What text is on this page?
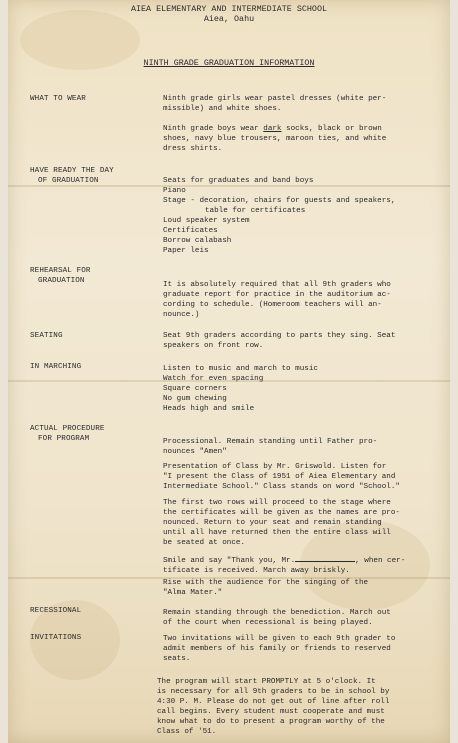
AIEA ELEMENTARY AND INTERMEDIATE SCHOOL
Aiea, Oahu
NINTH GRADE GRADUATION INFORMATION
WHAT TO WEAR	Ninth grade girls wear pastel dresses (white per-
missible) and white shoes.
Ninth grade boys wear dark socks, black or brown
shoes, navy blue trousers, maroon ties, and white
dress shirts.
HAVE READY THE DAY
OF GRADUATION	Seats for graduates and band boys
Piano
Stage - decoration, chairs for guests and speakers,
table for certificates
Loud speaker system
Certificates
Borrow calabash
Paper leis
REHEARSAL FOR
GRADUATION	It is absolutely required that all 9th graders who
graduate report for practice in the auditorium ac-
cording to schedule. (Homeroom teachers will an-
nounce.)
SEATING	Seat 9th graders according to parts they sing. Seat
speakers on front row.
IN MARCHING	Listen to music and march to music
Watch for even spacing
Square corners
No gum chewing
Heads high and smile
ACTUAL PROCEDURE
FOR PROGRAM	Processional. Remain standing until Father pro-
nounces "Amen"
Presentation of Class by Mr. Griswold. Listen for
"I present the Class of 1951 of Aiea Elementary and
Intermediate School." Class stands on word "School."
The first two rows will proceed to the stage where
the certificates will be given as the names are pro-
nounced. Return to your seat and remain standing
until all have returned then the entire class will
be seated at once.
Smile and say "Thank you, Mr.	, when cer-
tificate is received. March away briskly.
Rise with the audience for the singing of the
"Alma Mater."
RECESSIONAL	Remain standing through the benediction. March out
of the court when recessional is being played.
INVITATIONS	Two invitations will be given to each 9th grader to
admit members of his family or friends to reserved
seats.
The program will start PROMPTLY at 5 o'clock. It
is necessary for all 9th graders to be in school by
4:30 P. M. Please do not get out of line after roll
call begins. Every student must cooperate and must
know what to do to present a program worthy of the
Class of '51.
